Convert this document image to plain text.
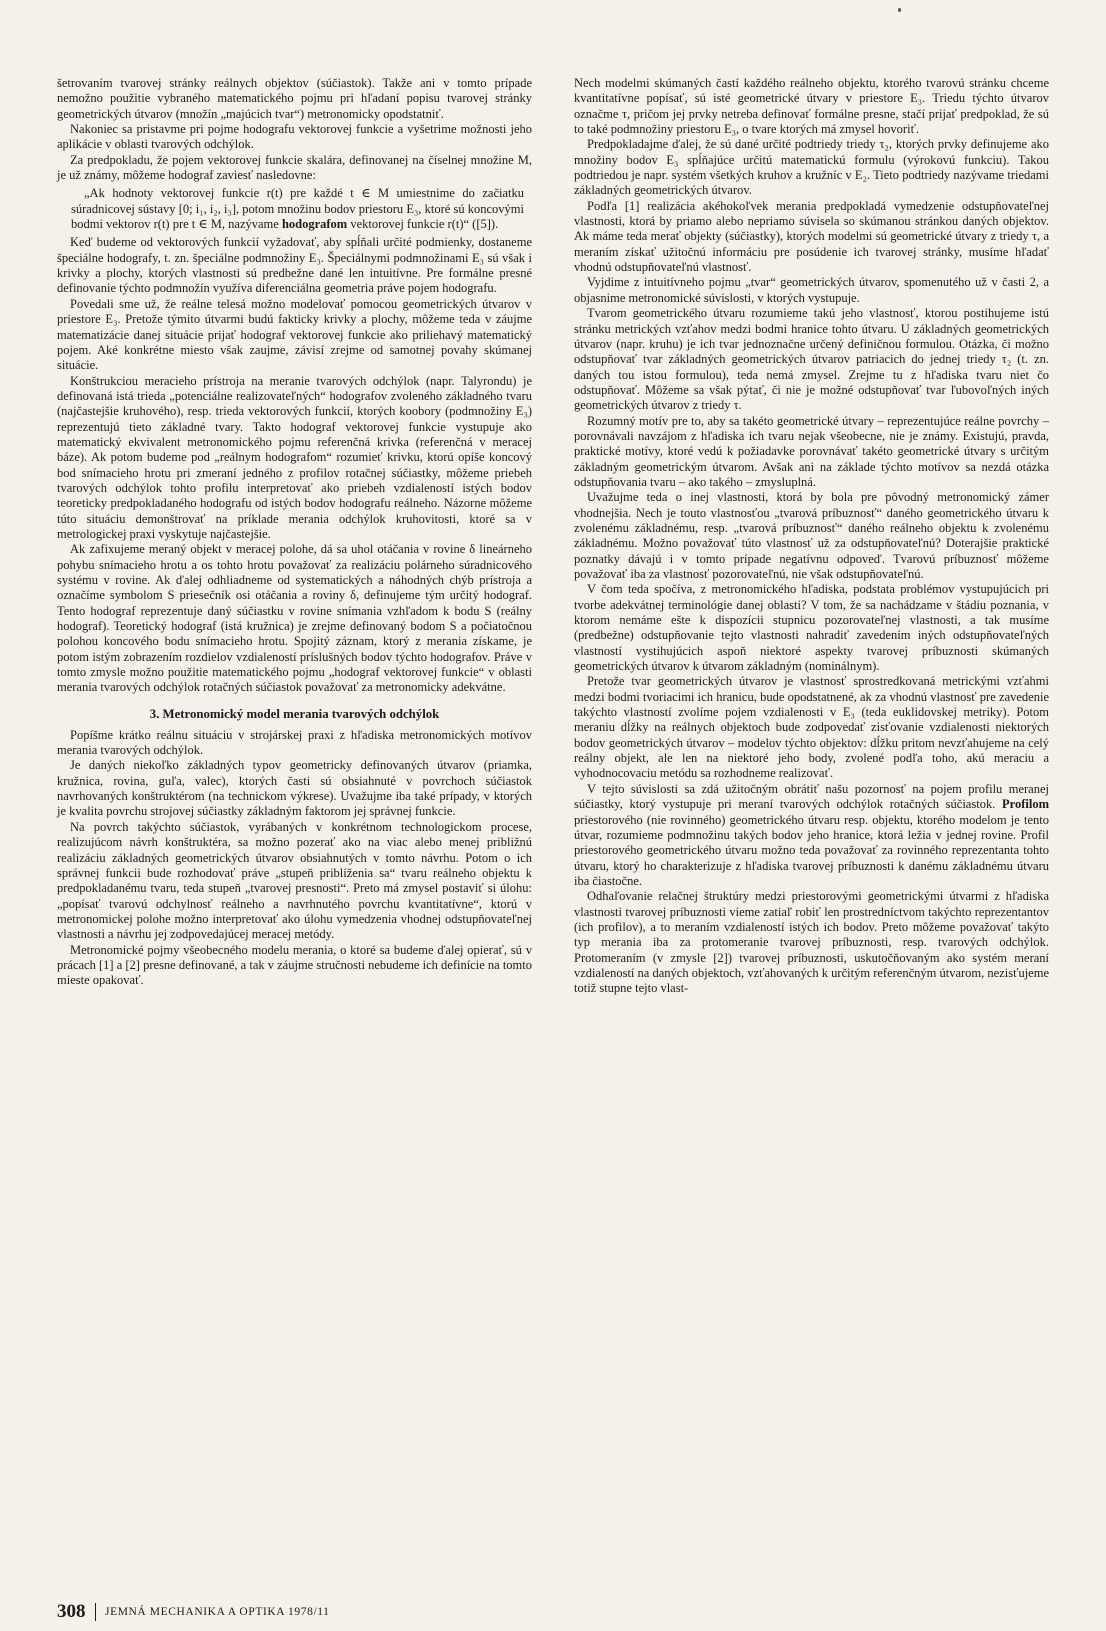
šetrovaním tvarovej stránky reálnych objektov (súčiastok). Takže ani v tomto prípade nemožno použitie vybraného matematického pojmu pri hľadaní popisu tvarovej stránky geometrických útvarov (množín „majúcich tvar“) metronomicky opodstatniť.

Nakoniec sa pristavme pri pojme hodografu vektorovej funkcie a vyšetrime možnosti jeho aplikácie v oblasti tvarových odchýlok.

Za predpokladu, že pojem vektorovej funkcie skalára, definovanej na číselnej množine M, je už známy, môžeme hodograf zaviesť nasledovne:

„Ak hodnoty vektorovej funkcie r(t) pre každé t ∈ M umiestnime do začiatku súradnicovej sústavy [0; i₁, i₂, i₃], potom množinu bodov priestoru E₃, ktoré sú koncovými bodmi vektorov r(t) pre t ∈ M, nazývame hodografom vektorovej funkcie r(t)“ ([5]).

Keď budeme od vektorových funkcií vyžadovať, aby spĺňali určité podmienky, dostaneme špeciálne hodografy, t. zn. špeciálne podmnožiny E₃. Špeciálnymi podmnožinami E₃ sú však i krivky a plochy, ktorých vlastnosti sú predbežne dané len intuitívne. Pre formálne presné definovanie týchto podmnožín využíva diferenciálna geometria práve pojem hodografu.

Povedali sme už, že reálne telesá možno modelovať pomocou geometrických útvarov v priestore E₃. Pretože týmito útvarmi budú fakticky krivky a plochy, môžeme teda v záujme matematizácie danej situácie prijať hodograf vektorovej funkcie ako priliehavý matematický pojem. Aké konkrétne miesto však zaujme, závisí zrejme od samotnej povahy skúmanej situácie.

Konštrukciou meracieho prístroja na meranie tvarových odchýlok (napr. Talyrondu) je definovaná istá trieda „potenciálne realizovateľných“ hodografov zvoleného základného tvaru (najčastejšie kruhového), resp. trieda vektorových funkcií, ktorých koobory (podmnožiny E₃) reprezentujú tieto základné tvary. Takto hodograf vektorovej funkcie vystupuje ako matematický ekvivalent metronomického pojmu referenčná krivka (referenčná v meracej báze). Ak potom budeme pod „reálnym hodografom“ rozumieť krivku, ktorú opíše koncový bod snímacieho hrotu pri zmeraní jedného z profilov rotačnej súčiastky, môžeme priebeh tvarových odchýlok tohto profilu interpretovať ako priebeh vzdialeností istých bodov teoreticky predpokladaného hodografu od istých bodov hodografu reálneho. Názorne môžeme túto situáciu demonštrovať na príklade merania odchýlok kruhovitosti, ktoré sa v metrologickej praxi vyskytuje najčastejšie.

Ak zafixujeme meraný objekt v meracej polohe, dá sa uhol otáčania v rovine δ lineárneho pohybu snímacieho hrotu a os tohto hrotu považovať za realizáciu polárneho súradnicového systému v rovine. Ak ďalej odhliadneme od systematických a náhodných chýb prístroja a označíme symbolom S priesečník osi otáčania a roviny δ, definujeme tým určitý hodograf. Tento hodograf reprezentuje daný súčiastku v rovine snímania vzhľadom k bodu S (reálny hodograf). Teoretický hodograf (istá kružnica) je zrejme definovaný bodom S a počiatočnou polohou koncového bodu snímacieho hrotu. Spojitý záznam, ktorý z merania získame, je potom istým zobrazením rozdielov vzdialeností príslušných bodov týchto hodografov. Práve v tomto zmysle možno použitie matematického pojmu „hodograf vektorovej funkcie“ v oblasti merania tvarových odchýlok rotačných súčiastok považovať za metronomicky adekvátne.

3. Metronomický model merania tvarových odchýlok

Popíšme krátko reálnu situáciu v strojárskej praxi z hľadiska metronomických motívov merania tvarových odchýlok.

Je daných niekoľko základných typov geometricky definovaných útvarov (priamka, kružnica, rovina, guľa, valec), ktorých časti sú obsiahnuté v povrchoch súčiastok navrhovaných konštruktérom (na technickom výkrese). Uvažujme iba také prípady, v ktorých je kvalita povrchu strojovej súčiastky základným faktorom jej správnej funkcie.

Na povrch takýchto súčiastok, vyrábaných v konkrétnom technologickom procese, realizujúcom návrh konštruktéra, sa možno pozerať ako na viac alebo menej približnú realizáciu základných geometrických útvarov obsiahnutých v tomto návrhu. Potom o ich správnej funkcii bude rozhodovať práve „stupeň priblíženia sa“ tvaru reálneho objektu k predpokladanému tvaru, teda stupeň „tvarovej presnosti“. Preto má zmysel postaviť si úlohu: „popísať tvarovú odchylnosť reálneho a navrhnutého povrchu kvantitatívne“, ktorú v metronomickej polohe možno interpretovať ako úlohu vymedzenia vhodnej odstupňovateľnej vlastnosti a návrhu jej zodpovedajúcej meracej metódy.

Metronomické pojmy všeobecného modelu merania, o ktoré sa budeme ďalej opierať, sú v prácach [1] a [2] presne definované, a tak v záujme stručnosti nebudeme ich definície na tomto mieste opakovať.

Nech modelmi skúmaných častí každého reálneho objektu, ktorého tvarovú stránku chceme kvantitatívne popísať, sú isté geometrické útvary v priestore E₃. Triedu týchto útvarov označme τ, pričom jej prvky netreba definovať formálne presne, stačí prijať predpoklad, že sú to také podmnožiny priestoru E₃, o tvare ktorých má zmysel hovoriť.

Predpokladajme ďalej, že sú dané určité podtriedy triedy τ₂, ktorých prvky definujeme ako množiny bodov E₃ spĺňajúce určitú matematickú formulu (výrokovú funkciu). Takou podtriedou je napr. systém všetkých kruhov a kružníc v E₂. Tieto podtriedy nazývame triedami základných geometrických útvarov.

Podľa [1] realizácia akéhokoľvek merania predpokladá vymedzenie odstupňovateľnej vlastnosti, ktorá by priamo alebo nepriamo súvisela so skúmanou stránkou daných objektov. Ak máme teda merať objekty (súčiastky), ktorých modelmi sú geometrické útvary z triedy τ, a meraním získať užitočnú informáciu pre posúdenie ich tvarovej stránky, musíme hľadať vhodnú odstupňovateľnú vlastnosť.

Vyjdime z intuitívneho pojmu „tvar“ geometrických útvarov, spomenutého už v časti 2, a objasnime metronomické súvislosti, v ktorých vystupuje.

Tvarom geometrického útvaru rozumieme takú jeho vlastnosť, ktorou postihujeme istú stránku metrických vzťahov medzi bodmi hranice tohto útvaru. U základných geometrických útvarov (napr. kruhu) je ich tvar jednoznačne určený definičnou formulou. Otázka, či možno odstupňovať tvar základných geometrických útvarov patriacich do jednej triedy τ₂ (t. zn. daných tou istou formulou), teda nemá zmysel. Zrejme tu z hľadiska tvaru niet čo odstupňovať. Môžeme sa však pýtať, či nie je možné odstupňovať tvar ľubovoľných iných geometrických útvarov z triedy τ.

Rozumný motív pre to, aby sa takéto geometrické útvary – reprezentujúce reálne povrchy – porovnávali navzájom z hľadiska ich tvaru nejak všeobecne, nie je známy. Existujú, pravda, praktické motívy, ktoré vedú k požiadavke porovnávať takéto geometrické útvary s určitým základným geometrickým útvarom. Avšak ani na základe týchto motívov sa nezdá otázka odstupňovania tvaru – ako takého – zmysluplná.

Uvažujme teda o inej vlastnosti, ktorá by bola pre pôvodný metronomický zámer vhodnejšia. Nech je touto vlastnosťou „tvarová príbuznosť“ daného geometrického útvaru k zvolenému základnému, resp. „tvarová príbuznosť“ daného reálneho objektu k zvolenému základnému. Možno považovať túto vlastnosť už za odstupňovateľnú? Doterajšie praktické poznatky dávajú i v tomto prípade negatívnu odpoveď. Tvarovú príbuznosť môžeme považovať iba za vlastnosť pozorovateľnú, nie však odstupňovateľnú.

V čom teda spočíva, z metronomického hľadiska, podstata problémov vystupujúcich pri tvorbe adekvátnej terminológie danej oblasti? V tom, že sa nachádzame v štádiu poznania, v ktorom nemáme ešte k dispozícii stupnicu pozorovateľnej vlastnosti, a tak musíme (predbežne) odstupňovanie tejto vlastnosti nahradiť zavedením iných odstupňovateľných vlastností vystihujúcich aspoň niektoré aspekty tvarovej príbuznosti skúmaných geometrických útvarov k útvarom základným (nominálnym).

Pretože tvar geometrických útvarov je vlastnosť sprostredkovaná metrickými vzťahmi medzi bodmi tvoriacimi ich hranicu, bude opodstatnené, ak za vhodnú vlastnosť pre zavedenie takýchto vlastností zvolíme pojem vzdialenosti v E₃ (teda euklidovskej metriky). Potom meraniu dĺžky na reálnych objektoch bude zodpovedať zisťovanie vzdialenosti niektorých bodov geometrických útvarov – modelov týchto objektov: dĺžku pritom nevzťahujeme na celý reálny objekt, ale len na niektoré jeho body, zvolené podľa toho, akú meraciu a vyhodnocovaciu metódu sa rozhodneme realizovať.

V tejto súvislosti sa zdá užitočným obrátiť našu pozornosť na pojem profilu meranej súčiastky, ktorý vystupuje pri meraní tvarových odchýlok rotačných súčiastok. Profilom priestorového (nie rovinného) geometrického útvaru resp. objektu, ktorého modelom je tento útvar, rozumieme podmnožinu takých bodov jeho hranice, ktorá ležia v jednej rovine. Profil priestorového geometrického útvaru možno teda považovať za rovinného reprezentanta tohto útvaru, ktorý ho charakterizuje z hľadiska tvarovej príbuznosti k danému základnému útvaru iba čiastočne.

Odhaľovanie relačnej štruktúry medzi priestorovými geometrickými útvarmi z hľadiska vlastnosti tvarovej príbuznosti vieme zatiaľ robiť len prostredníctvom takýchto reprezentantov (ich profilov), a to meraním vzdialeností istých ich bodov. Preto môžeme považovať takýto typ merania iba za protomeranie tvarovej príbuznosti, resp. tvarových odchýlok. Protomeraním (v zmysle [2]) tvarovej príbuznosti, uskutočňovaným ako systém meraní vzdialeností na daných objektoch, vzťahovaných k určitým referenčným útvarom, nezisťujeme totiž stupne tejto vlast-

308 JEMNÁ MECHANIKA A OPTIKA 1978/11
